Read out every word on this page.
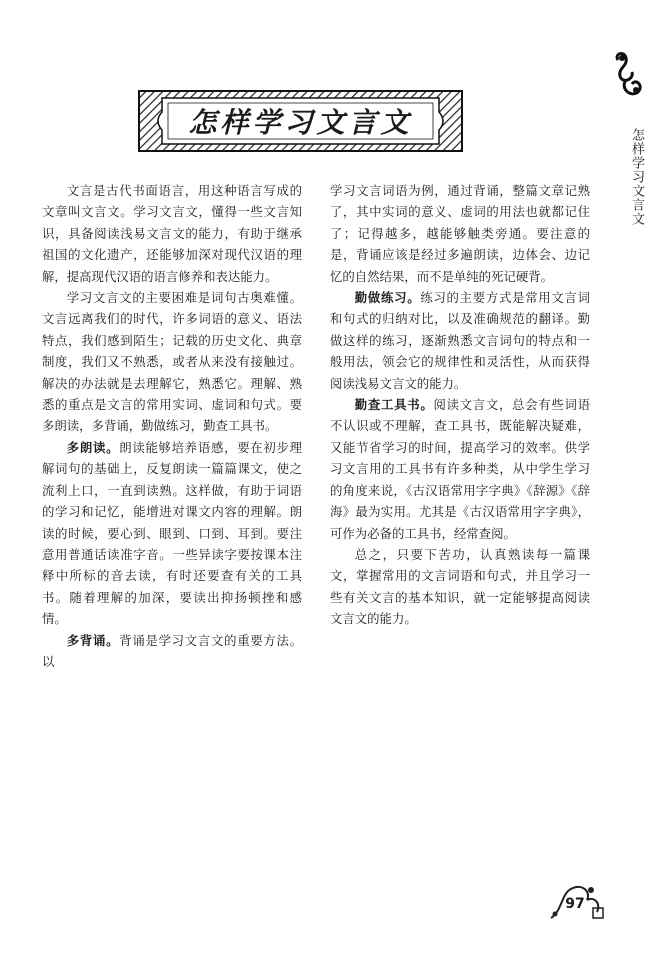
怎样学习文言文
怎样学习文言文

文言是古代书面语言，用这种语言写成的文章叫文言文。学习文言文，懂得一些文言知识，具备阅读浅易文言文的能力，有助于继承祖国的文化遗产，还能够加深对现代汉语的理解，提高现代汉语的语言修养和表达能力。

学习文言文的主要困难是词句古奥难懂。文言远离我们的时代，许多词语的意义、语法特点，我们感到陌生；记载的历史文化、典章制度，我们又不熟悉，或者从来没有接触过。解决的办法就是去理解它，熟悉它。理解、熟悉的重点是文言的常用实词、虚词和句式。要多朗读，多背诵，勤做练习，勤查工具书。

多朗读。朗读能够培养语感，要在初步理解词句的基础上，反复朗读一篇篇课文，使之流利上口，一直到读熟。这样做，有助于词语的学习和记忆，能增进对课文内容的理解。朗读的时候，要心到、眼到、口到、耳到。要注意用普通话读准字音。一些异读字要按课本注释中所标的音去读，有时还要查有关的工具书。随着理解的加深，要读出抑扬顿挫和感情。

多背诵。背诵是学习文言文的重要方法。以

学习文言词语为例，通过背诵，整篇文章记熟了，其中实词的意义、虚词的用法也就都记住了；记得越多，越能够触类旁通。要注意的是，背诵应该是经过多遍朗读，边体会、边记忆的自然结果，而不是单纯的死记硬背。

勤做练习。练习的主要方式是常用文言词和句式的归纳对比，以及准确规范的翻译。勤做这样的练习，逐渐熟悉文言词句的特点和一般用法，领会它的规律性和灵活性，从而获得阅读浅易文言文的能力。

勤查工具书。阅读文言文，总会有些词语不认识或不理解，查工具书，既能解决疑难，又能节省学习的时间，提高学习的效率。供学习文言用的工具书有许多种类，从中学生学习的角度来说，《古汉语常用字字典》《辞源》《辞海》最为实用。尤其是《古汉语常用字字典》，可作为必备的工具书，经常查阅。

总之，只要下苦功，认真熟读每一篇课文，掌握常用的文言词语和句式，并且学习一些有关文言的基本知识，就一定能够提高阅读文言文的能力。

97
